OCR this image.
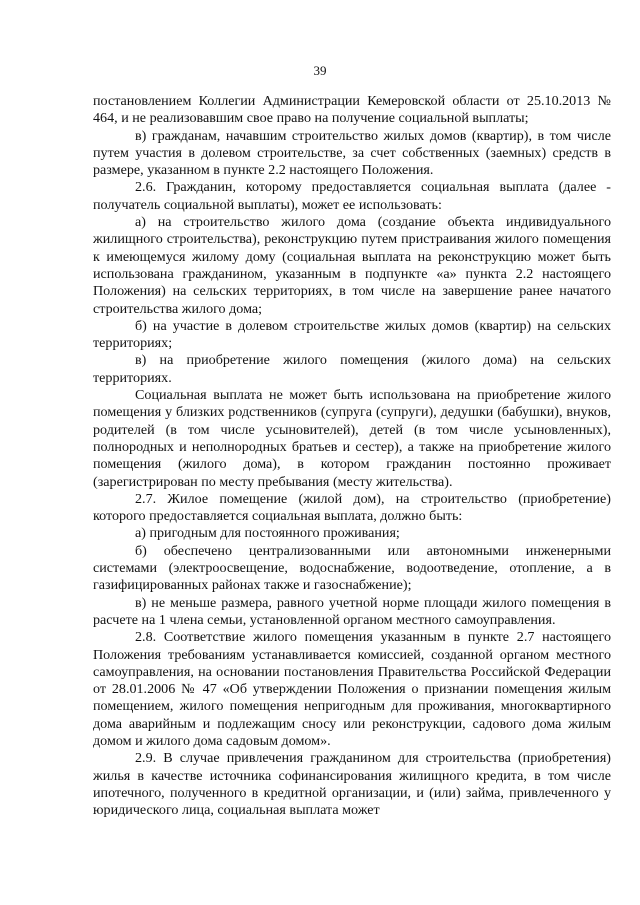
39

постановлением Коллегии Администрации Кемеровской области от 25.10.2013 № 464, и не реализовавшим свое право на получение социальной выплаты;

в) гражданам, начавшим строительство жилых домов (квартир), в том числе путем участия в долевом строительстве, за счет собственных (заемных) средств в размере, указанном в пункте 2.2 настоящего Положения.

2.6. Гражданин, которому предоставляется социальная выплата (далее - получатель социальной выплаты), может ее использовать:

а) на строительство жилого дома (создание объекта индивидуального жилищного строительства), реконструкцию путем пристраивания жилого помещения к имеющемуся жилому дому (социальная выплата на реконструкцию может быть использована гражданином, указанным в подпункте «а» пункта 2.2 настоящего Положения) на сельских территориях, в том числе на завершение ранее начатого строительства жилого дома;

б) на участие в долевом строительстве жилых домов (квартир) на сельских территориях;

в) на приобретение жилого помещения (жилого дома) на сельских территориях.

Социальная выплата не может быть использована на приобретение жилого помещения у близких родственников (супруга (супруги), дедушки (бабушки), внуков, родителей (в том числе усыновителей), детей (в том числе усыновленных), полнородных и неполнородных братьев и сестер), а также на приобретение жилого помещения (жилого дома), в котором гражданин постоянно проживает (зарегистрирован по месту пребывания (месту жительства).

2.7. Жилое помещение (жилой дом), на строительство (приобретение) которого предоставляется социальная выплата, должно быть:

а) пригодным для постоянного проживания;

б) обеспечено централизованными или автономными инженерными системами (электроосвещение, водоснабжение, водоотведение, отопление, а в газифицированных районах также и газоснабжение);

в) не меньше размера, равного учетной норме площади жилого помещения в расчете на 1 члена семьи, установленной органом местного самоуправления.

2.8. Соответствие жилого помещения указанным в пункте 2.7 настоящего Положения требованиям устанавливается комиссией, созданной органом местного самоуправления, на основании постановления Правительства Российской Федерации от 28.01.2006 № 47 «Об утверждении Положения о признании помещения жилым помещением, жилого помещения непригодным для проживания, многоквартирного дома аварийным и подлежащим сносу или реконструкции, садового дома жилым домом и жилого дома садовым домом».

2.9. В случае привлечения гражданином для строительства (приобретения) жилья в качестве источника софинансирования жилищного кредита, в том числе ипотечного, полученного в кредитной организации, и (или) займа, привлеченного у юридического лица, социальная выплата может
